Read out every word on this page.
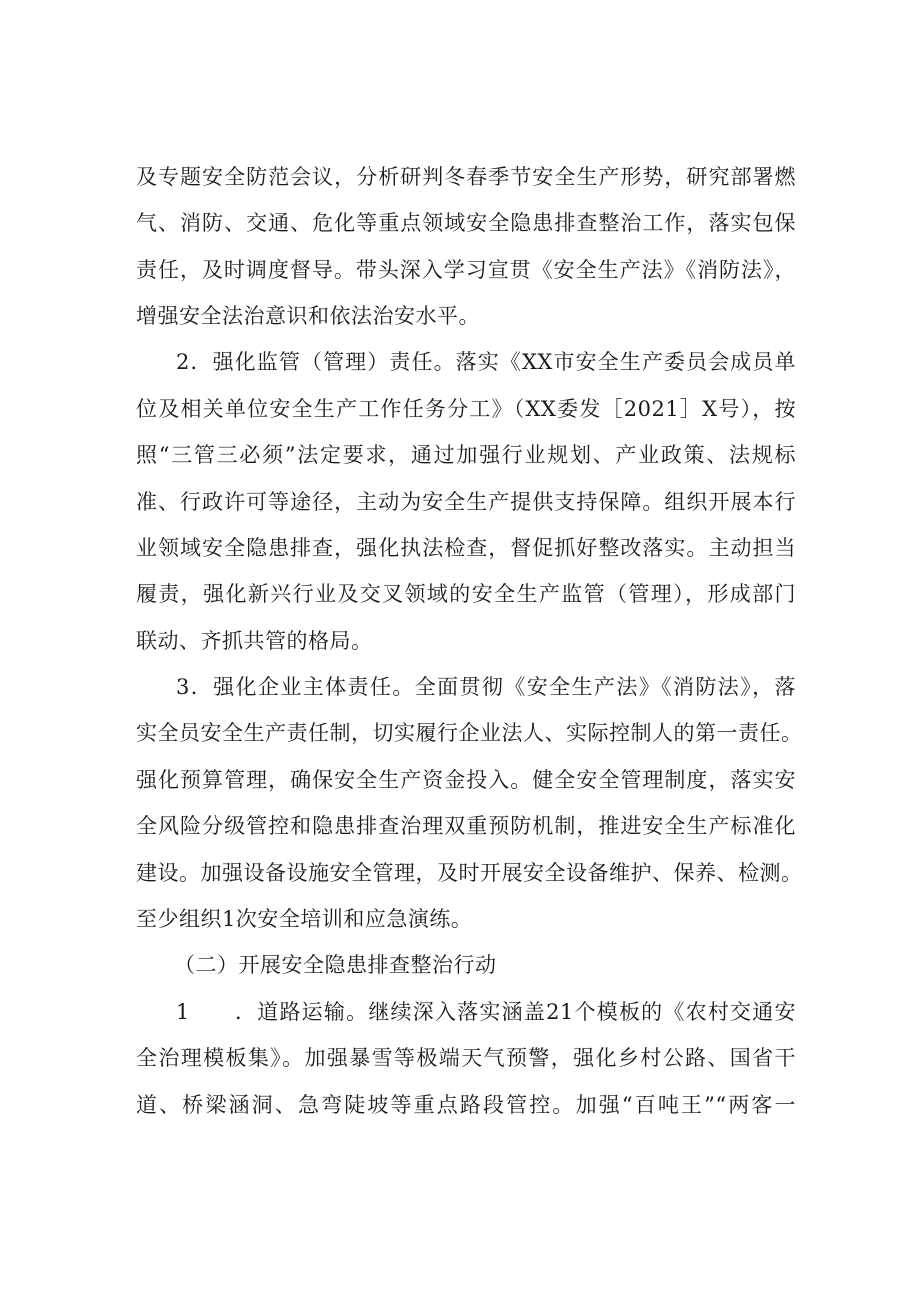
及专题安全防范会议，分析研判冬春季节安全生产形势，研究部署燃
气、消防、交通、危化等重点领域安全隐患排查整治工作，落实包保
责任，及时调度督导。带头深入学习宣贯《安全生产法》《消防法》，
增强安全法治意识和依法治安水平。
2．强化监管（管理）责任。落实《XX市安全生产委员会成员单
位及相关单位安全生产工作任务分工》（XX委发［2021］X号），按
照“三管三必须”法定要求，通过加强行业规划、产业政策、法规标
准、行政许可等途径，主动为安全生产提供支持保障。组织开展本行
业领域安全隐患排查，强化执法检查，督促抓好整改落实。主动担当
履责，强化新兴行业及交叉领域的安全生产监管（管理），形成部门
联动、齐抓共管的格局。
3．强化企业主体责任。全面贯彻《安全生产法》《消防法》，落
实全员安全生产责任制，切实履行企业法人、实际控制人的第一责任。
强化预算管理，确保安全生产资金投入。健全安全管理制度，落实安
全风险分级管控和隐患排查治理双重预防机制，推进安全生产标准化
建设。加强设备设施安全管理，及时开展安全设备维护、保养、检测。
至少组织1次安全培训和应急演练。
（二）开展安全隐患排查整治行动
1　　．道路运输。继续深入落实涵盖21个模板的《农村交通安
全治理模板集》。加强暴雪等极端天气预警，强化乡村公路、国省干
道、桥梁涵洞、急弯陡坡等重点路段管控。加强“百吨王”“两客一
